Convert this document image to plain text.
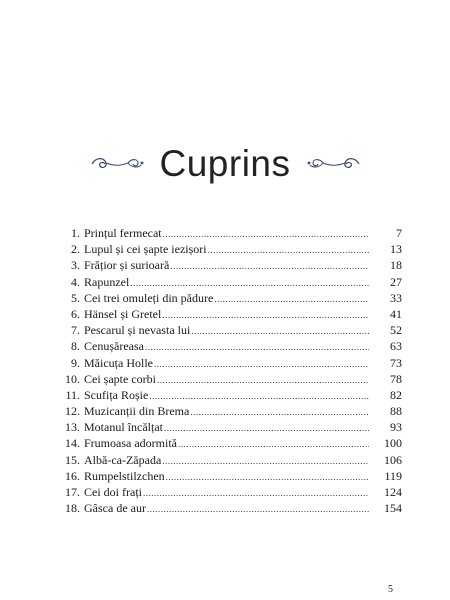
Cuprins
1. Prințul fermecat .....	7
2. Lupul și cei șapte iezișori .....	13
3. Frățior și surioară .....	18
4. Rapunzel .....	27
5. Cei trei omuleți din pădure .....	33
6. Hänsel și Gretel .....	41
7. Pescarul și nevasta lui .....	52
8. Cenușăreasa .....	63
9. Măicuța Holle .....	73
10. Cei șapte corbi .....	78
11. Scufița Roșie .....	82
12. Muzicanții din Brema .....	88
13. Motanul încălțat .....	93
14. Frumoasa adormită .....	100
15. Albă-ca-Zăpada .....	106
16. Rumpelstilzchen .....	119
17. Cei doi frați .....	124
18. Gâsca de aur .....	154
5
